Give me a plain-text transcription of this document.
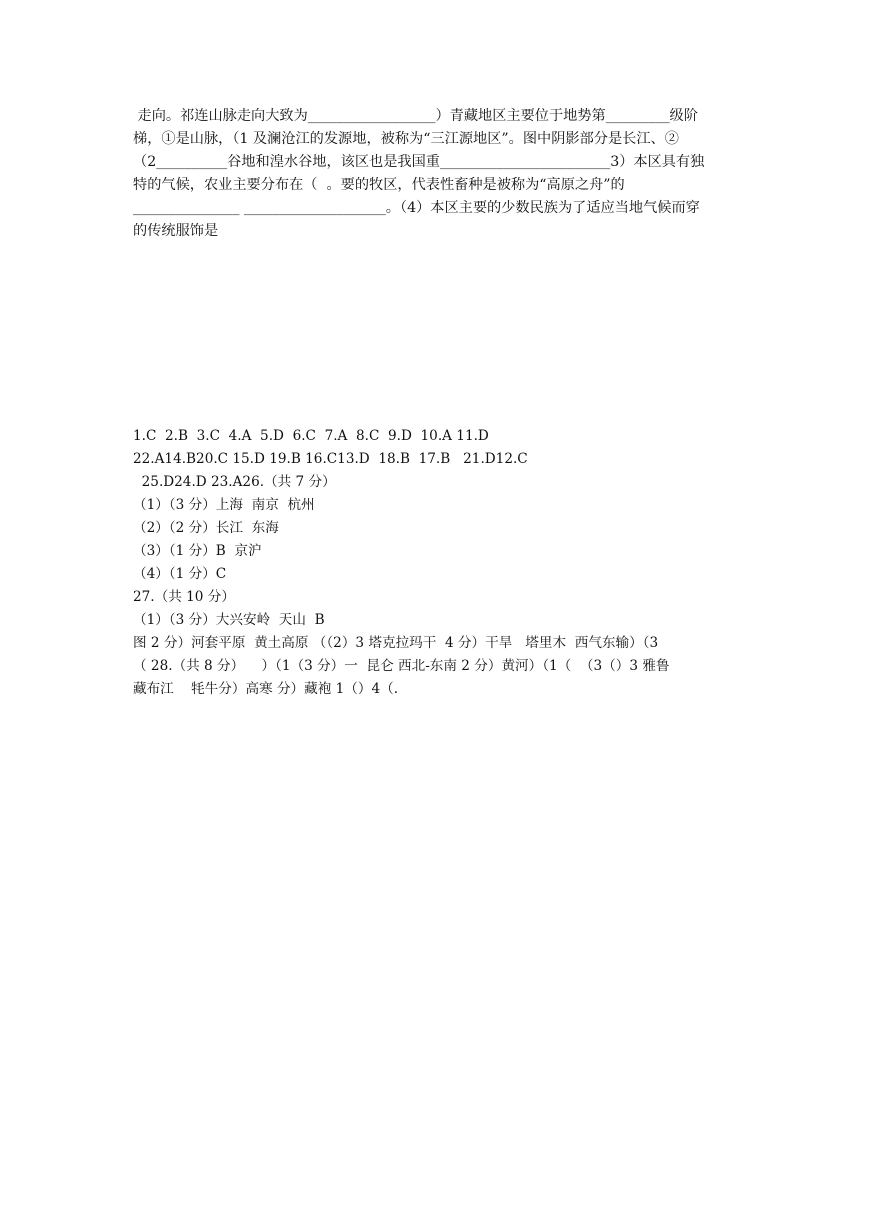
走向。祁连山脉走向大致为__________________）青藏地区主要位于地势第_________级阶
梯，①是山脉，（1 及澜沧江的发源地，被称为“三江源地区”。图中阴影部分是长江、②
（2__________谷地和湟水谷地，该区也是我国重________________________3）本区具有独
特的气候，农业主要分布在（  。要的牧区，代表性畜种是被称为“高原之舟”的
_______________ ____________________。（4）本区主要的少数民族为了适应当地气候而穿
的传统服饰是
1.C  2.B  3.C  4.A  5.D  6.C  7.A  8.C  9.D  10.A 11.D
22.A14.B20.C 15.D 19.B 16.C13.D  18.B  17.B   21.D12.C
25.D24.D 23.A26.（共 7 分）
（1）（3 分）上海  南京  杭州
（2）（2 分）长江  东海
（3）（1 分）B  京沪
（4）（1 分）C
27.（共 10 分）
（1）（3 分）大兴安岭  天山  B
图 2 分）河套平原  黄土高原 （（2）3 塔克拉玛干  4 分）干旱   塔里木  西气东输）（3
（ 28.（共 8 分）    ）（1（3 分）一  昆仑 西北-东南 2 分）黄河）（1（  （3（）3 雅鲁
藏布江    牦牛分）高寒 分）藏袍 1（）4（.
